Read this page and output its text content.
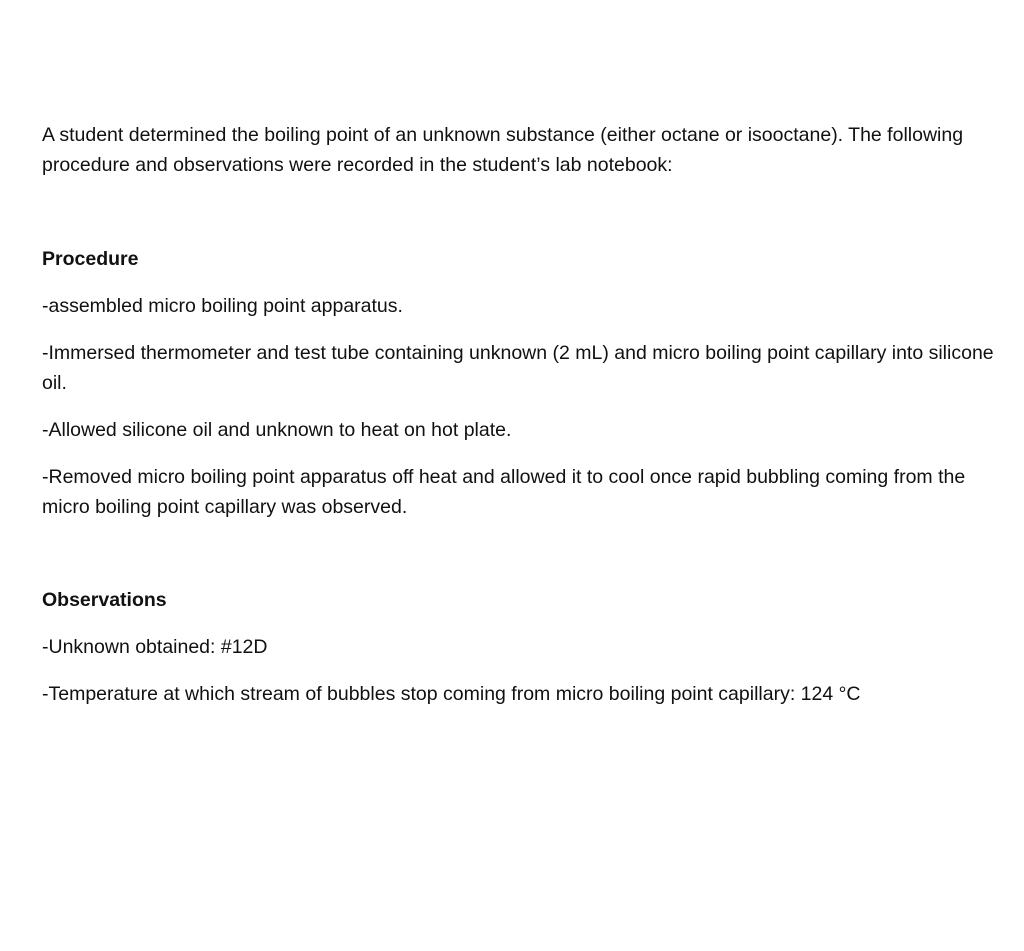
A student determined the boiling point of an unknown substance (either octane or isooctane). The following procedure and observations were recorded in the student’s lab notebook:

Procedure

-assembled micro boiling point apparatus.

-Immersed thermometer and test tube containing unknown (2 mL) and micro boiling point capillary into silicone oil.

-Allowed silicone oil and unknown to heat on hot plate.

-Removed micro boiling point apparatus off heat and allowed it to cool once rapid bubbling coming from the micro boiling point capillary was observed.

Observations

-Unknown obtained: #12D

-Temperature at which stream of bubbles stop coming from micro boiling point capillary: 124 °C
